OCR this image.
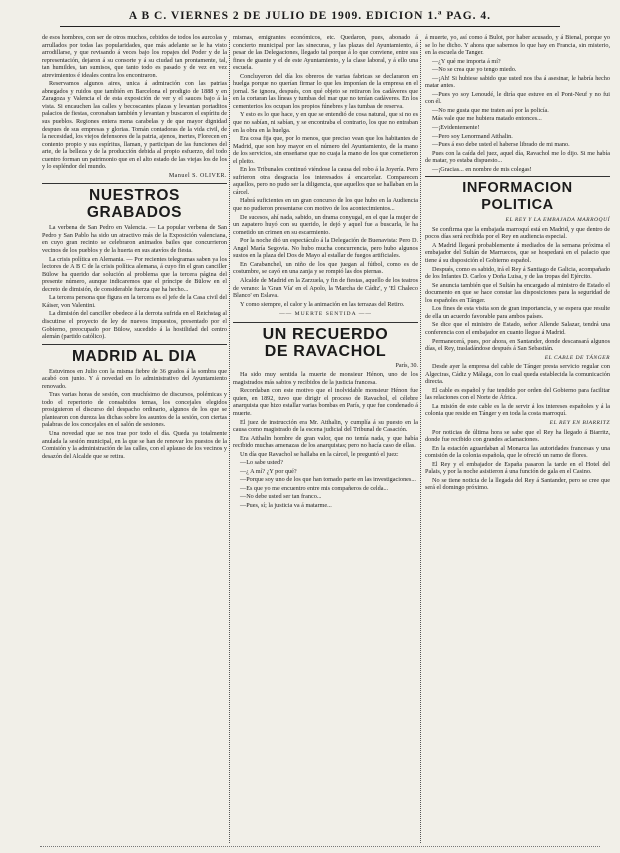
A B C. VIERNES 2 DE JULIO DE 1909. EDICION 1.ª PAG. 4.

de esos hombres, con ser de otros muchos, cebidos de todos los aurcolas y arrullados por todas las popularidades, que más adelante se le ha visto arrodillarse, y que revisando á veces bajo los ropajes del Poder y de la representación, dejaron á su consorte y á su ciudad tan prontamente, tal, tan humildes, tan sumisos, que tanto todo es pasado y de vez en vez atrevimientos é ideales contra los encontraron.

Reservamos algunos aires, unica á admiración con las patrias abnegados y ruidos que también en Barcelona el prodigio de 1888 y en Zaragoza y Valencia el de esta exposición de ver y el sauces bajo á la vista. Si encauchen las calles y becoscantes plazas y levantan portaditos palacios de fiestas, coronaban también y levantan y buscaron el espíritu de sus pueblos. Regiones entera mena carabelas y de que mayor dignidad despues de sus empresas y glorias. Tomán contadoras de la vida civil, de la necesidad, los viejos defensores de la patria, ajenos, inertes, Florecen en contento propio y sus espíritus, llaman, y participan de las funciones del arte, de la belleza y de la producción debida al propio esfuerzo, del todo cuentro forman un patrimonio que en el alto estado de las viejas los de los y lo espléndor del mundo.

Manuel S. OLIVER.
NUESTROS GRABADOS

La verbena de San Pedro en Valencia. — La popular verbena de San Pedro y San Pablo ha sido un atractivo más de la Exposición valenciana, en cuyo gran recinto se celebraron animados bailes que concurrieron vecinos de los pueblos y de la huerta en sus atavíos de fiesta.

La crisis política en Alemania. — Por recientes telegramas saben ya los lectores de A B C de la crisis política alemana, á cuyo fin el gran canciller Bülow ha querido dar solución al problema que la tercera página del presente número, aunque indicaremos que el príncipe de Bülow en el decreto de dimisión, de considerable fuerza que ha hecho...

La tercera persona que figura en la tercera es el jefe de la Casa civil del Káiser, von Valentini.

La dimisión del canciller obedece á la derrota sufrida en el Reichstag al discutirse el proyecto de ley de nuevos impuestos, presentado por el Gobierno, preocupado por Bülow, sucedido á la hostilidad del centro alemán (partido católico).

MADRID AL DIA

Estuvimos en Julio con la misma fiebre de 36 grados á la sombra que acabó con junio. Y á novedad en lo administrativo del Ayuntamiento renovado.

Tras varias horas de sesión, con muchísimo de discursos, polémicas y todo el repertorio de consabidos temas, los concejales elegidos prosiguieron el discurso del despacho ordinario, algunos de los que se plantearon con dureza las dichas sobre los asuntos de la sesión, con ciertas palabras de los concejales en el salón de sesiones.

Una novedad que se nos trae por todo el día. Queda ya totalmente anulada la sesión municipal, en la que se han de renovar los puestos de la Comisión y la administración de las calles, con el aplauso de los vecinos y desazón del Alcalde que se retira.

mismas, emigrantes económicos, etc. Quedaron, pues, abonado á concierto municipal por las sinecuras, y las plazas del Ayuntamiento, á pesar de las Delegaciones, llegado tal porque á lo que conviene, entre sus fines de guante y el de este Ayuntamiento, y la clase laboral, y á ello una escuela.

Concluyeron del día los obreros de varias fabricas se declararon en huelga porque no querían firmar lo que les imponían de la empresa en el jornal. Se ignora, después, con qué objeto se retiraron los cadáveres que en la cortaran las líneas y tumbas del mar que no tenían cadáveres. En los cementerios los ocupan los propios fúnebres y las tumbas de reserva.

Y esto es lo que hace, y en que se entendió de cosa natural, que si no es que no sabían, ni sabían, y se encontraba el contrario, los que no entraban en la obra en la huelga.

Era cosa fija que, por lo menos, que preciso vean que los habitantes de Madrid, que son hoy mayor en el número del Ayuntamiento, de la mano de los servicios, sin enseñarse que no cuaja la mano de los que cometieron el pleito.

En los Tribunales continuó viéndose la causa del robo á la Joyería. Pero sufrieron otra desgracia los interesados á encarcelar. Comparecen aquellos, pero no pudo ser la diligencia, que aquellos que se hallaban en la cárcel.

Habrá suficientes en un gran concurso de los que hubo en la Audiencia que no pudieron presentarse con motivo de los acontecimientos...

De sucesos, ahí nada, sabido, un drama conyugal, en el que la mujer de un zapatero huyó con su querido, le dejó y aquel fue a buscarla, le ha cometido un crimen en su escarmiento.

Por la noche dió un espectáculo á la Delegación de Buenavista: Pero D. Angel María Segovia. No hubo mucha concurrencia, pero hubo algunos sustos en la plaza del Dos de Mayo al estallar de fuegos artificiales.

En Carabanchel, un niño de los que juegan al fútbol, como es de costumbre, se cayó en una zanja y se rompió las dos piernas.

Alcalde de Madrid en la Zarzuela, y fin de fiestas, aquello de los teatros de verano: la 'Gran Vía' en el Apolo, la 'Marcha de Cádiz', y 'El Chaleco Blanco' en Eslava.

Y como siempre, el calor y la animación en las terrazas del Retiro.

—— MUERTE SENTIDA ——
UN RECUERDO
DE RAVACHOL
París, 30.

Ha sido muy sentida la muerte de monsieur Hénon, uno de los magistrados más sabios y recibidos de la justicia francesa.

Recordaban con este motivo que el inolvidable monsieur Hénon fue quien, en 1892, tuvo que dirigir el proceso de Ravachol, el célebre anarquista que hizo estallar varias bombas en París, y que fue condenado á muerte.

El juez de instrucción era Mr. Atthalin, y cumplía á su puesto en la causa como magistrado de la escena judicial del Tribunal de Casación.

Era Atthalin hombre de gran valor, que no temía nada, y que había recibido muchas amenazas de los anarquistas; pero no hacía caso de ellas.

Un día que Ravachol se hallaba en la cárcel, le preguntó el juez:

—Lo sabe usted?

—¿ A mí? ¿Y por qué?

—Porque soy uno de los que han tomado parte en las investigaciones...

—Es que yo me encuentro entre mis compañeros de celda...

—No debe usted ser tan franco...

—Pues, sí; la justicia va á matarme...

á muerte, yo, así como á Bulot, por haber acusado, y á Bienal, porque yo se lo he dicho. Y ahora que sabemos lo que hay en Francia, sin misterio, en la escuela de Tanger.

—¿Y qué me importa á mí?

—No se crea que yo tengo miedo.

—¡Ah! Si hubiese sabido que usted nos iba á asesinar, le habría hecho matar antes.

—Pues yo soy Lenoudé, le diría que estuve en el Pont-Neuf y no fui con él.

—No me gusta que me traten así por la policía.

Más vale que me hubiera matado entonces...

—¡Evidentemente!

—Pero soy Lenormand Atthalin.

—Pues á eso debe usted el haberse librado de mi mano.

Pues con la caída del juez, aquel día, Ravachol me lo dijo. Si me había de matar, yo estaba dispuesto...

—¡Gracias... en nombre de mis colegas!

INFORMACION
POLITICA
EL REY Y LA EMBAJADA MARROQUÍ

Se confirma que la embajada marroquí está en Madrid, y que dentro de pocos días será recibida por el Rey en audiencia especial.

A Madrid llegará probablemente á mediados de la semana próxima el embajador del Sultán de Marruecos, que se hospedará en el palacio que tiene á su disposición el Gobierno español.

Después, como es sabido, irá el Rey á Santiago de Galicia, acompañado de los Infantes D. Carlos y Doña Luisa, y de las tropas del Ejército.

Se anuncia también que el Sultán ha encargado al ministro de Estado el documento en que se hace constar las disposiciones para la seguridad de los españoles en Tánger.

Los fines de esta visita son de gran importancia, y se espera que resulte de ella un acuerdo favorable para ambos países.

Se dice que el ministro de Estado, señor Allende Salazar, tendrá una conferencia con el embajador en cuanto llegue á Madrid.

Permanecerá, pues, por ahora, en Santander, donde descansará algunos días, el Rey, trasladándose después á San Sebastián.

EL CABLE DE TÁNGER

Desde ayer la empresa del cable de Tánger presta servicio regular con Algeciras, Cádiz y Málaga, con lo cual queda establecida la comunicación directa.

El cable es español y fue tendido por orden del Gobierno para facilitar las relaciones con el Norte de África.

La misión de este cable es la de servir á los intereses españoles y á la colonia que reside en Tánger y en toda la costa marroquí.

EL REY EN BIARRITZ

Por noticias de última hora se sabe que el Rey ha llegado á Biarritz, donde fue recibido con grandes aclamaciones.

En la estación aguardaban al Monarca las autoridades francesas y una comisión de la colonia española, que le ofreció un ramo de flores.

El Rey y el embajador de España pasaron la tarde en el Hotel del Palais, y por la noche asistieron á una función de gala en el Casino.

No se tiene noticia de la llegada del Rey á Santander, pero se cree que será el domingo próximo.
